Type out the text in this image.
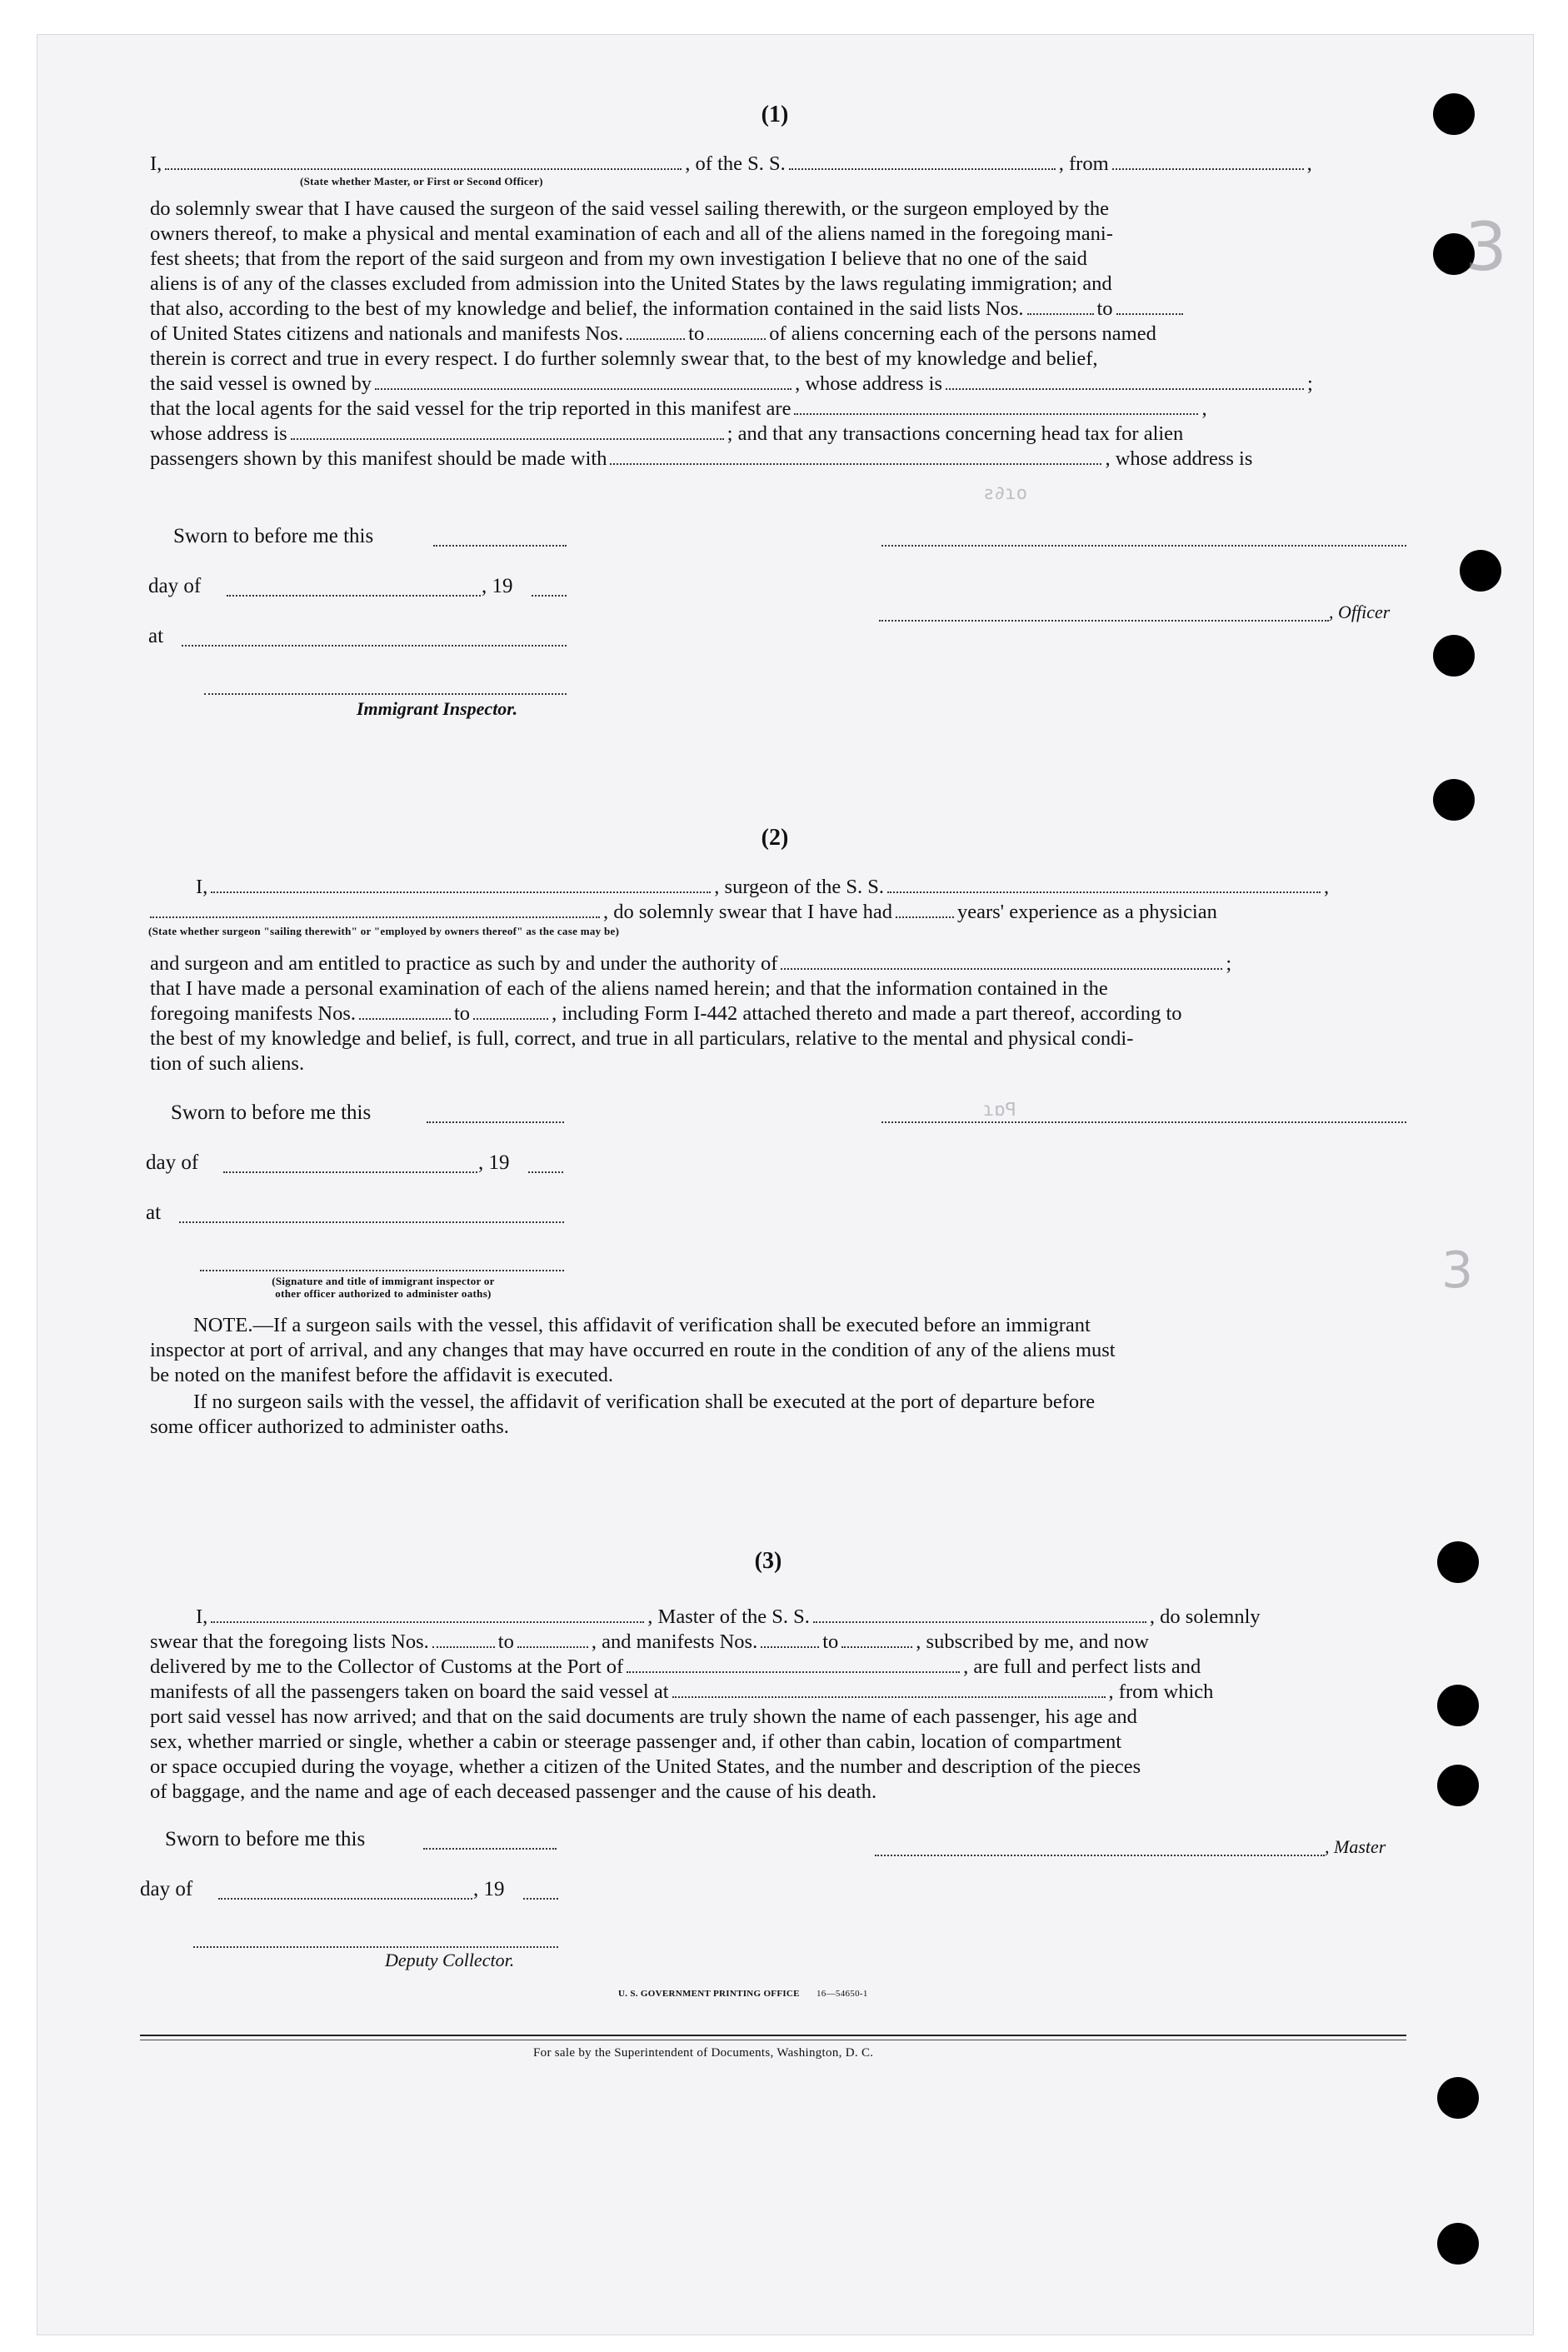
3
3
ƨ∂ɿo
ɿɒꟼ
(1)
I,	, of the S. S.	, from	,
(State whether Master, or First or Second Officer)
do solemnly swear that I have caused the surgeon of the said vessel sailing therewith, or the surgeon employed by the
owners thereof, to make a physical and mental examination of each and all of the aliens named in the foregoing mani-
fest sheets; that from the report of the said surgeon and from my own investigation I believe that no one of the said
aliens is of any of the classes excluded from admission into the United States by the laws regulating immigration; and
that also, according to the best of my knowledge and belief, the information contained in the said lists Nos.	to
of United States citizens and nationals and manifests Nos.	to	of aliens concerning each of the persons named
therein is correct and true in every respect. I do further solemnly swear that, to the best of my knowledge and belief,
the said vessel is owned by	, whose address is	;
that the local agents for the said vessel for the trip reported in this manifest are	,
whose address is	; and that any transactions concerning head tax for alien
passengers shown by this manifest should be made with	, whose address is
Sworn to before me this
day of	, 19
, Officer
at
Immigrant Inspector.
(2)
I,	, surgeon of the S. S.	,
, do solemnly swear that I have had	years' experience as a physician
(State whether surgeon "sailing therewith" or "employed by owners thereof" as the case may be)
and surgeon and am entitled to practice as such by and under the authority of	;
that I have made a personal examination of each of the aliens named herein; and that the information contained in the
foregoing manifests Nos.	to	, including Form I-442 attached thereto and made a part thereof, according to
the best of my knowledge and belief, is full, correct, and true in all particulars, relative to the mental and physical condi-
tion of such aliens.
Sworn to before me this
day of	, 19
at
(Signature and title of immigrant inspector or
other officer authorized to administer oaths)
NOTE.—If a surgeon sails with the vessel, this affidavit of verification shall be executed before an immigrant
inspector at port of arrival, and any changes that may have occurred en route in the condition of any of the aliens must
be noted on the manifest before the affidavit is executed.
If no surgeon sails with the vessel, the affidavit of verification shall be executed at the port of departure before
some officer authorized to administer oaths.
(3)
I,	, Master of the S. S.	, do solemnly
swear that the foregoing lists Nos.	to	, and manifests Nos.	to	, subscribed by me, and now
delivered by me to the Collector of Customs at the Port of	, are full and perfect lists and
manifests of all the passengers taken on board the said vessel at	, from which
port said vessel has now arrived; and that on the said documents are truly shown the name of each passenger, his age and
sex, whether married or single, whether a cabin or steerage passenger and, if other than cabin, location of compartment
or space occupied during the voyage, whether a citizen of the United States, and the number and description of the pieces
of baggage, and the name and age of each deceased passenger and the cause of his death.
Sworn to before me this	, Master
day of	, 19
Deputy Collector.
U. S. GOVERNMENT PRINTING OFFICE 16—54650-1
For sale by the Superintendent of Documents, Washington, D. C.
